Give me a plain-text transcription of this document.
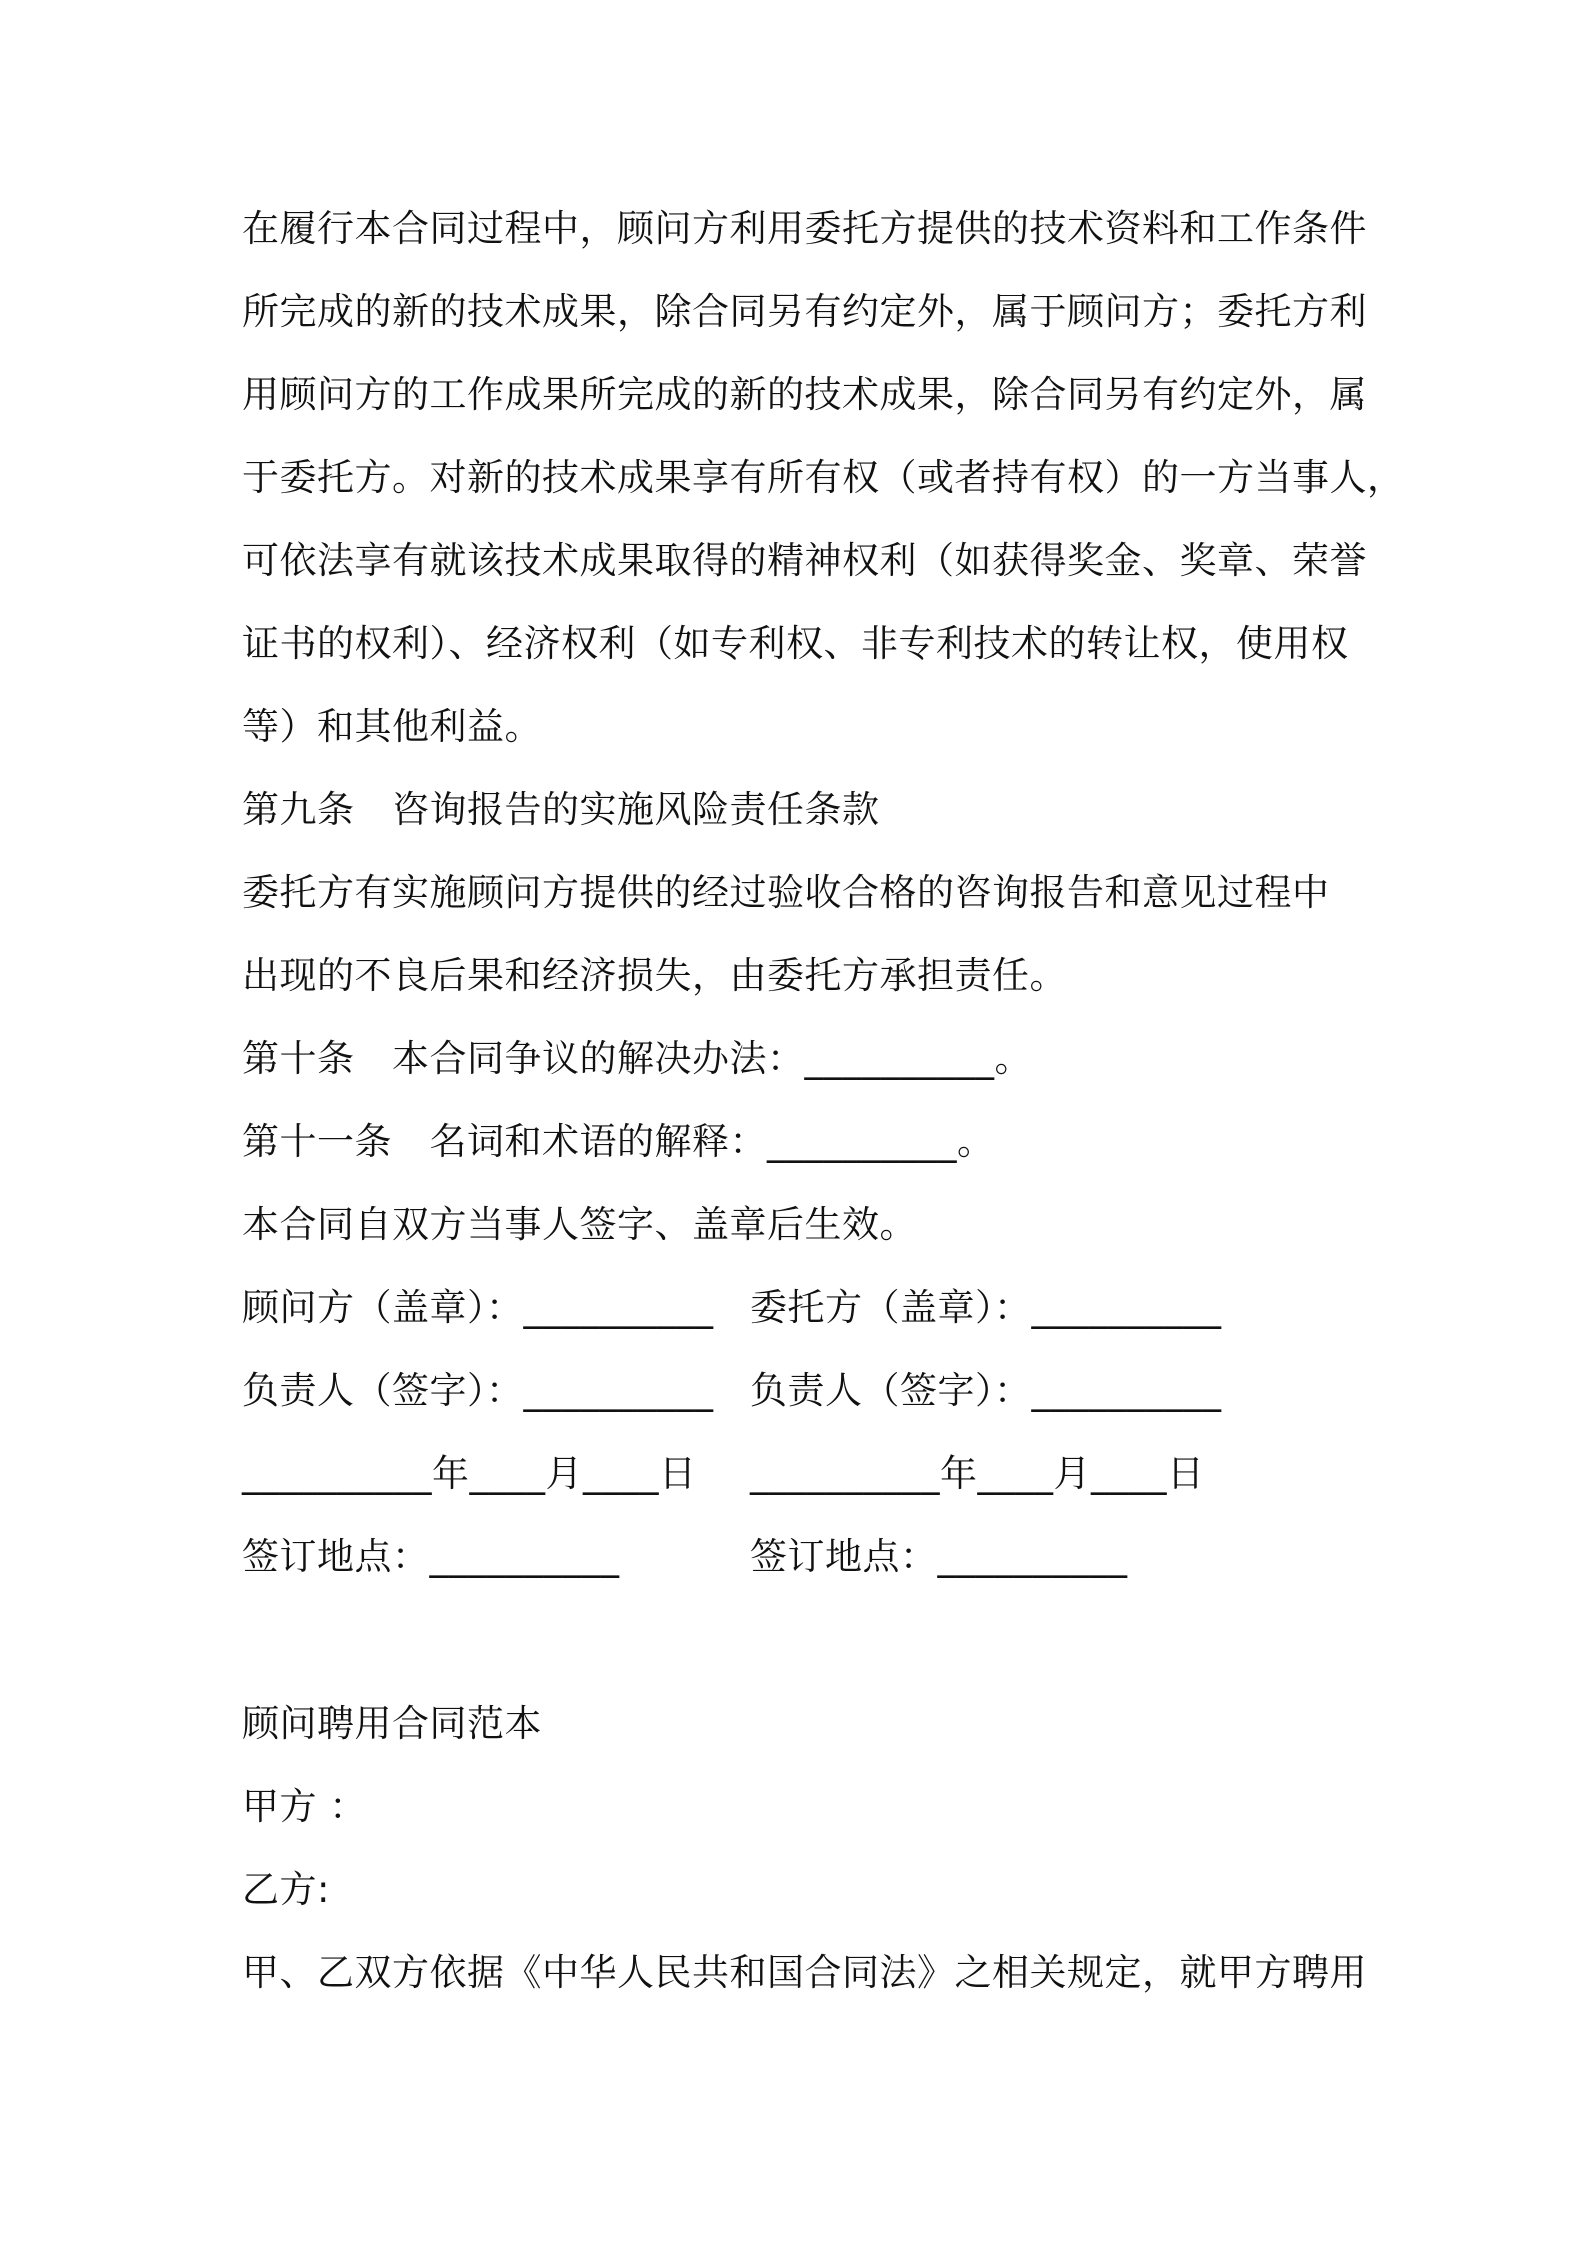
在履行本合同过程中，顾问方利用委托方提供的技术资料和工作条件
所完成的新的技术成果，除合同另有约定外，属于顾问方；委托方利
用顾问方的工作成果所完成的新的技术成果，除合同另有约定外，属
于委托方。对新的技术成果享有所有权（或者持有权）的一方当事人，
可依法享有就该技术成果取得的精神权利（如获得奖金、奖章、荣誉
证书的权利）、经济权利（如专利权、非专利技术的转让权，使用权
等）和其他利益。
第九条　咨询报告的实施风险责任条款
委托方有实施顾问方提供的经过验收合格的咨询报告和意见过程中
出现的不良后果和经济损失，由委托方承担责任。
第十条　本合同争议的解决办法：__________。
第十一条　名词和术语的解释：__________。
本合同自双方当事人签字、盖章后生效。
顾问方（盖章）：__________ 委托方（盖章）：__________
负责人（签字）：__________ 负责人（签字）：__________
__________年____月____日 __________年____月____日
签订地点：__________	签订地点：__________
顾问聘用合同范本
甲方 ：
乙方:
甲、乙双方依据《中华人民共和国合同法》之相关规定，就甲方聘用
